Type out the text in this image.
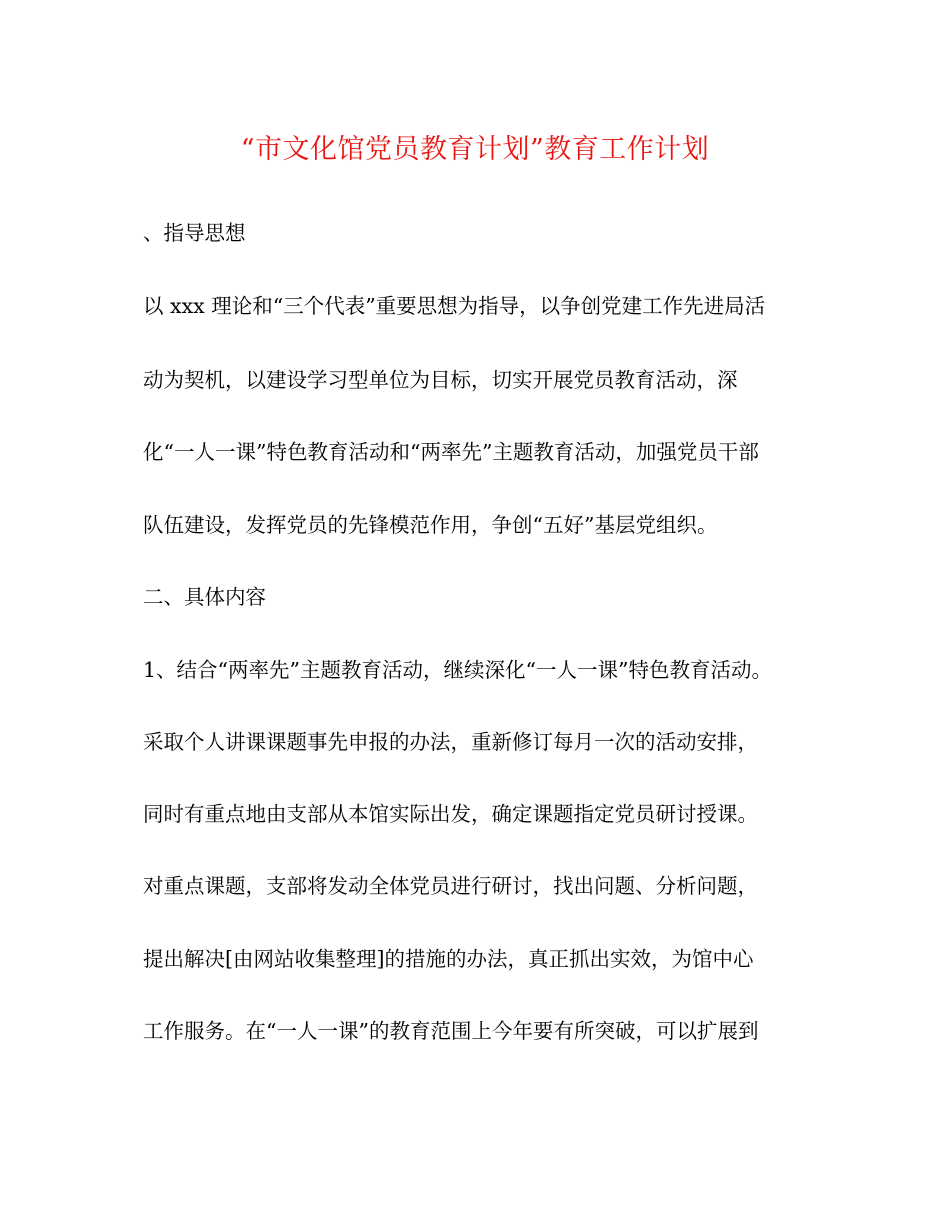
“市文化馆党员教育计划”教育工作计划

、指导思想

以 xxx 理论和“三个代表”重要思想为指导，以争创党建工作先进局活

动为契机，以建设学习型单位为目标，切实开展党员教育活动，深

化“一人一课”特色教育活动和“两率先”主题教育活动，加强党员干部

队伍建设，发挥党员的先锋模范作用，争创“五好”基层党组织。

二、具体内容

1、结合“两率先”主题教育活动，继续深化“一人一课”特色教育活动。

采取个人讲课课题事先申报的办法，重新修订每月一次的活动安排，

同时有重点地由支部从本馆实际出发，确定课题指定党员研讨授课。

对重点课题，支部将发动全体党员进行研讨，找出问题、分析问题，

提出解决[由网站收集整理]的措施的办法，真正抓出实效，为馆中心

工作服务。在“一人一课”的教育范围上今年要有所突破，可以扩展到
